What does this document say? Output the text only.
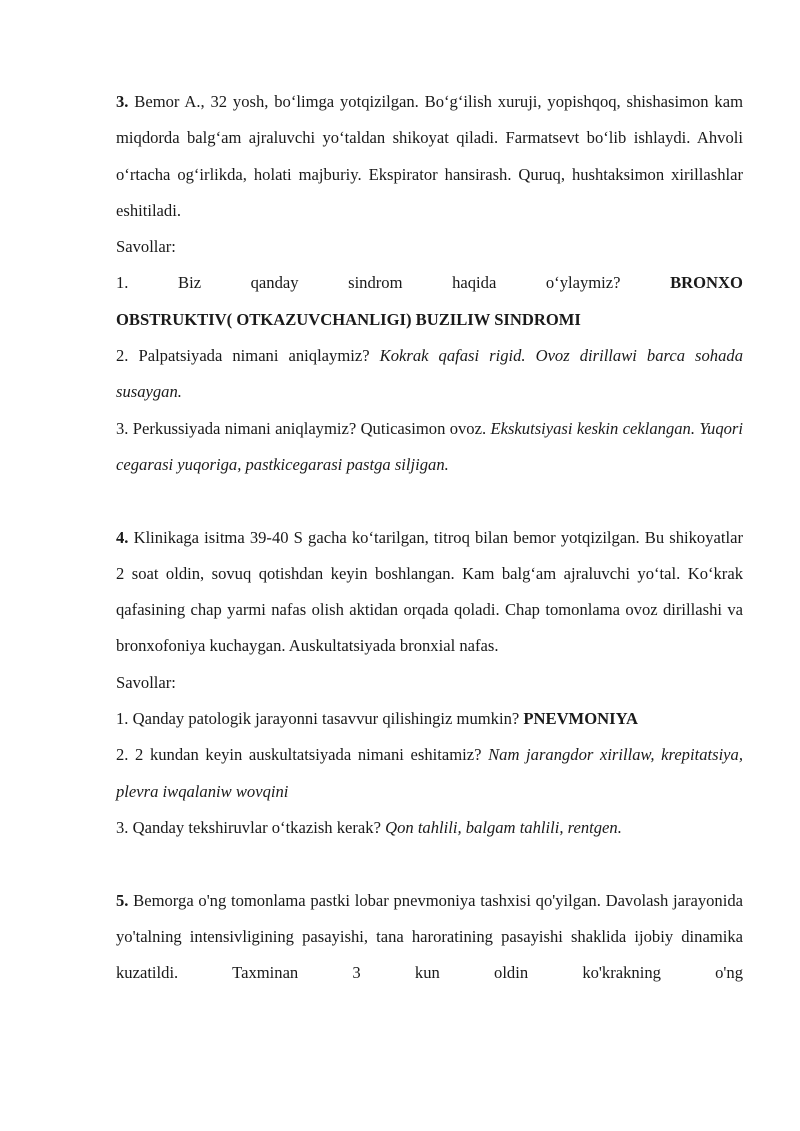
3. Bemor A., 32 yosh, bo‘limga yotqizilgan. Bo‘g‘ilish xuruji, yopishqoq, shishasimon kam miqdorda balg‘am ajraluvchi yo‘taldan shikoyat qiladi. Farmatsevt bo‘lib ishlaydi. Ahvoli o‘rtacha og‘irlikda, holati majburiy. Ekspirator hansirash. Quruq, hushtaksimon xirillashlar eshitiladi.

Savollar:

1.	Biz	qanday	sindrom	haqida	o‘ylaymiz?	BRONXO

OBSTRUKTIV( OTKAZUVCHANLIGI) BUZILIW SINDROMI

2. Palpatsiyada nimani aniqlaymiz? Kokrak qafasi rigid. Ovoz dirillawi barca sohada susaygan.

3. Perkussiyada nimani aniqlaymiz? Quticasimon ovoz. Ekskutsiyasi keskin ceklangan. Yuqori cegarasi yuqoriga, pastkicegarasi pastga siljigan.

4. Klinikaga isitma 39-40 S gacha ko‘tarilgan, titroq bilan bemor yotqizilgan. Bu shikoyatlar 2 soat oldin, sovuq qotishdan keyin boshlangan. Kam balg‘am ajraluvchi yo‘tal. Ko‘krak qafasining chap yarmi nafas olish aktidan orqada qoladi. Chap tomonlama ovoz dirillashi va bronxofoniya kuchaygan. Auskultatsiyada bronxial nafas.

Savollar:

1. Qanday patologik jarayonni tasavvur qilishingiz mumkin? PNEVMONIYA

2. 2 kundan keyin auskultatsiyada nimani eshitamiz? Nam jarangdor xirillaw, krepitatsiya, plevra iwqalaniw wovqini

3. Qanday tekshiruvlar o‘tkazish kerak? Qon tahlili, balgam tahlili, rentgen.

5. Bemorga o'ng tomonlama pastki lobar pnevmoniya tashxisi qo'yilgan. Davolash jarayonida yo'talning intensivligining pasayishi, tana haroratining pasayishi shaklida ijobiy dinamika kuzatildi. Taxminan 3 kun oldin ko'krakning o'ng
